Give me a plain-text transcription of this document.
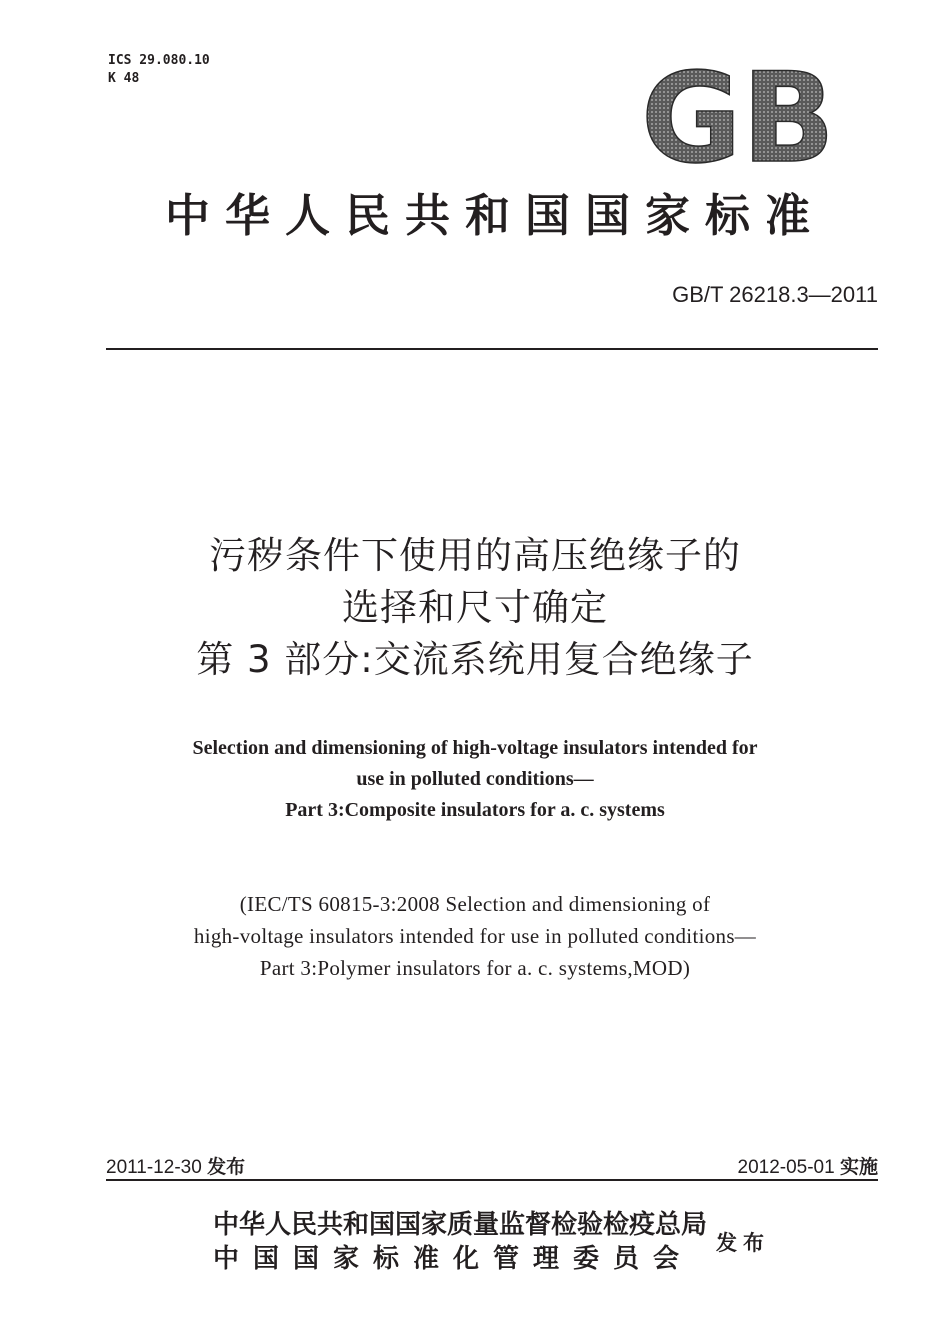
ICS 29.080.10
K 48	GB
中华人民共和国国家标准
GB/T 26218.3—2011
污秽条件下使用的高压绝缘子的
选择和尺寸确定
第 3 部分:交流系统用复合绝缘子
Selection and dimensioning of high-voltage insulators intended for
use in polluted conditions—
Part 3:Composite insulators for a. c. systems
(IEC/TS 60815-3:2008 Selection and dimensioning of
high-voltage insulators intended for use in polluted conditions—
Part 3:Polymer insulators for a. c. systems,MOD)
2011-12-30 发布	2012-05-01 实施
中华人民共和国国家质量监督检验检疫总局
中国国家标准化管理委员会
发布
